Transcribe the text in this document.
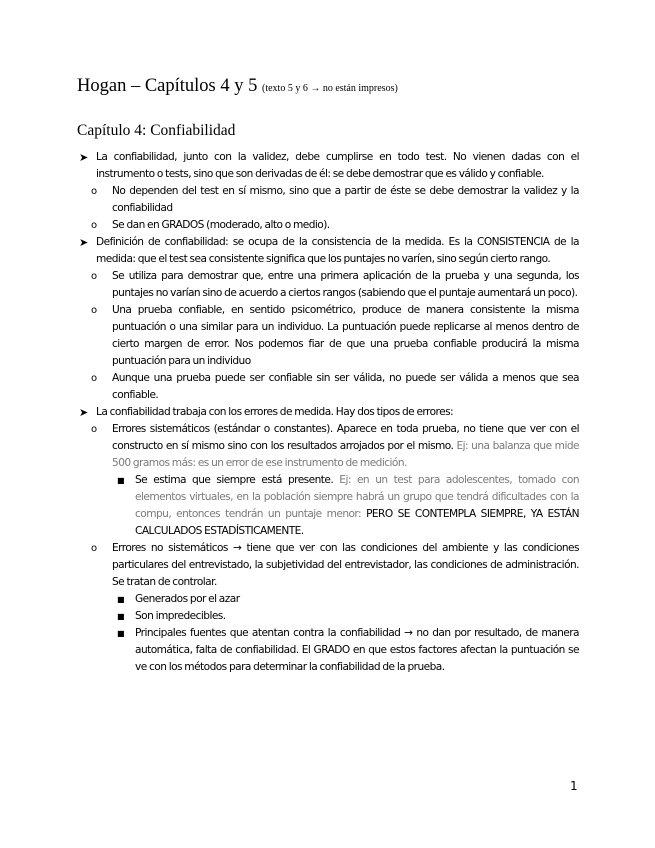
Hogan – Capítulos 4 y 5 (texto 5 y 6 → no están impresos)
Capítulo 4: Confiabilidad
➤ La confiabilidad, junto con la validez, debe cumplirse en todo test. No vienen dadas con el instrumento o tests, sino que son derivadas de él: se debe demostrar que es válido y confiable.
o No dependen del test en sí mismo, sino que a partir de éste se debe demostrar la validez y la confiabilidad
o Se dan en GRADOS (moderado, alto o medio).
➤ Definición de confiabilidad: se ocupa de la consistencia de la medida. Es la CONSISTENCIA de la medida: que el test sea consistente significa que los puntajes no varíen, sino según cierto rango.
o Se utiliza para demostrar que, entre una primera aplicación de la prueba y una segunda, los puntajes no varían sino de acuerdo a ciertos rangos (sabiendo que el puntaje aumentará un poco).
o Una prueba confiable, en sentido psicométrico, produce de manera consistente la misma puntuación o una similar para un individuo. La puntuación puede replicarse al menos dentro de cierto margen de error. Nos podemos fiar de que una prueba confiable producirá la misma puntuación para un individuo
o Aunque una prueba puede ser confiable sin ser válida, no puede ser válida a menos que sea confiable.
➤ La confiabilidad trabaja con los errores de medida. Hay dos tipos de errores:
o Errores sistemáticos (estándar o constantes). Aparece en toda prueba, no tiene que ver con el constructo en sí mismo sino con los resultados arrojados por el mismo. Ej: una balanza que mide 500 gramos más: es un error de ese instrumento de medición.
■ Se estima que siempre está presente. Ej: en un test para adolescentes, tomado con elementos virtuales, en la población siempre habrá un grupo que tendrá dificultades con la compu, entonces tendrán un puntaje menor: PERO SE CONTEMPLA SIEMPRE, YA ESTÁN CALCULADOS ESTADÍSTICAMENTE.
o Errores no sistemáticos → tiene que ver con las condiciones del ambiente y las condiciones particulares del entrevistado, la subjetividad del entrevistador, las condiciones de administración. Se tratan de controlar.
■ Generados por el azar
■ Son impredecibles.
■ Principales fuentes que atentan contra la confiabilidad → no dan por resultado, de manera automática, falta de confiabilidad. El GRADO en que estos factores afectan la puntuación se ve con los métodos para determinar la confiabilidad de la prueba.
1
